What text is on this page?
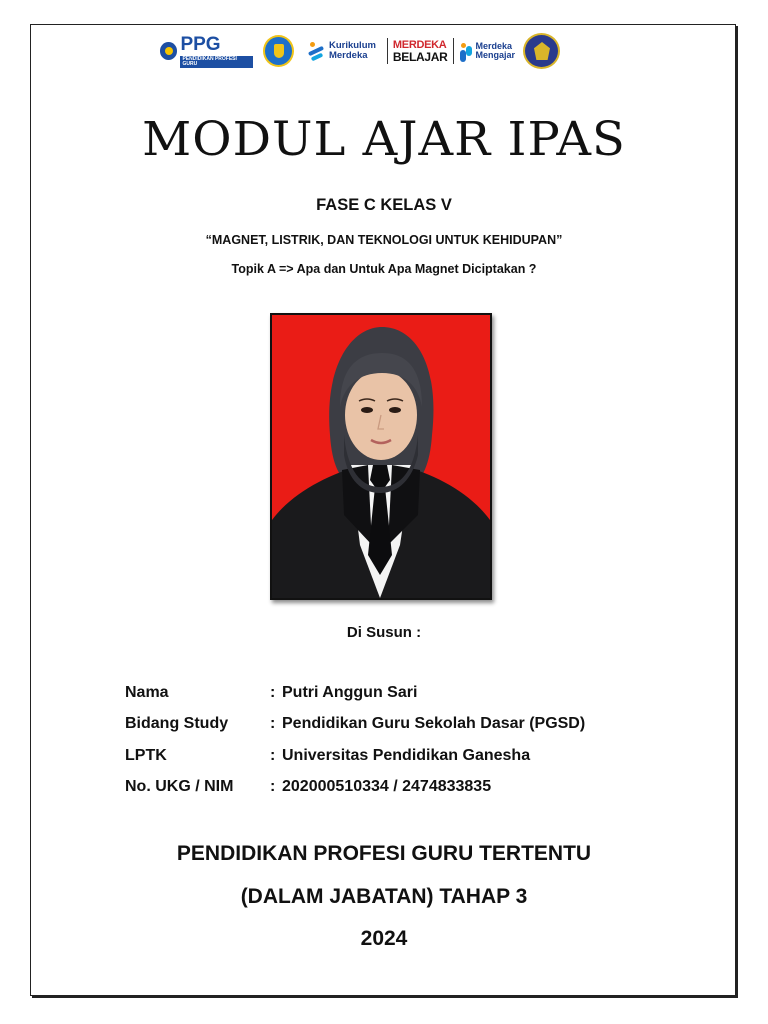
PPG
PENDIDIKAN PROFESI GURU
Kurikulum
Merdeka
MERDEKA
BELAJAR
Merdeka
Mengajar
MODUL AJAR IPAS
FASE C KELAS V
“MAGNET, LISTRIK, DAN TEKNOLOGI UNTUK KEHIDUPAN”
Topik A => Apa dan Untuk Apa Magnet Diciptakan ?
Di Susun :
Nama	: Putri Anggun Sari
Bidang Study	: Pendidikan Guru Sekolah Dasar (PGSD)
LPTK	: Universitas Pendidikan Ganesha
No. UKG / NIM	: 202000510334 / 2474833835
PENDIDIKAN PROFESI GURU TERTENTU
(DALAM JABATAN) TAHAP 3
2024
